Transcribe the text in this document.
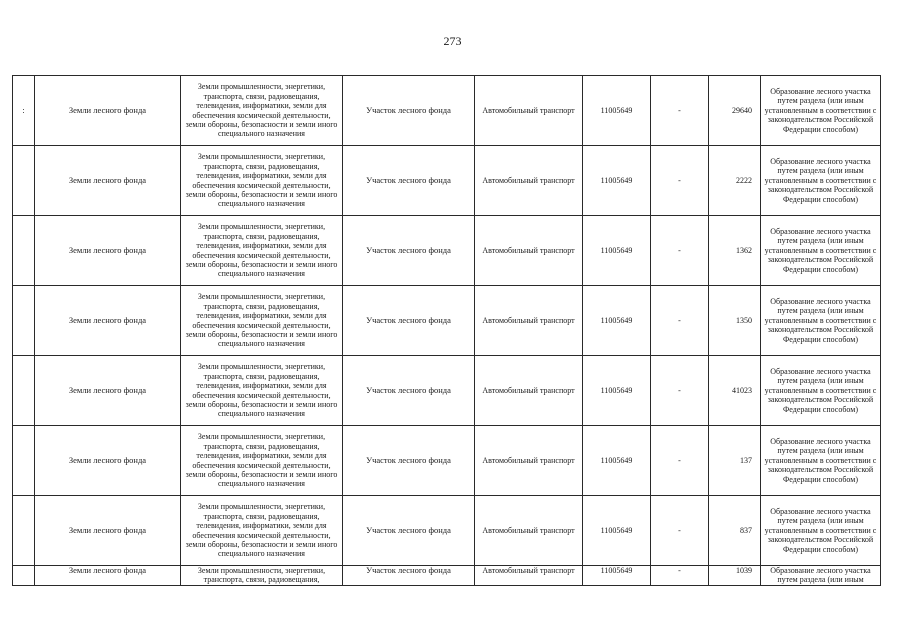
273
:	Земли лесного фонда	Земли промышленности, энергетики, транспорта, связи, радиовещания, телевидения, информатики, земли для обеспечения космической деятельности, земли обороны, безопасности и земли иного специального назначения	Участок лесного фонда	Автомобильный транспорт	11005649	-	29640	Образование лесного участка путем раздела (или иным установленным в соответствии с законодательством Российской Федерации способом)
	Земли лесного фонда	Земли промышленности, энергетики, транспорта, связи, радиовещания, телевидения, информатики, земли для обеспечения космической деятельности, земли обороны, безопасности и земли иного специального назначения	Участок лесного фонда	Автомобильный транспорт	11005649	-	2222	Образование лесного участка путем раздела (или иным установленным в соответствии с законодательством Российской Федерации способом)
	Земли лесного фонда	Земли промышленности, энергетики, транспорта, связи, радиовещания, телевидения, информатики, земли для обеспечения космической деятельности, земли обороны, безопасности и земли иного специального назначения	Участок лесного фонда	Автомобильный транспорт	11005649	-	1362	Образование лесного участка путем раздела (или иным установленным в соответствии с законодательством Российской Федерации способом)
	Земли лесного фонда	Земли промышленности, энергетики, транспорта, связи, радиовещания, телевидения, информатики, земли для обеспечения космической деятельности, земли обороны, безопасности и земли иного специального назначения	Участок лесного фонда	Автомобильный транспорт	11005649	-	1350	Образование лесного участка путем раздела (или иным установленным в соответствии с законодательством Российской Федерации способом)
	Земли лесного фонда	Земли промышленности, энергетики, транспорта, связи, радиовещания, телевидения, информатики, земли для обеспечения космической деятельности, земли обороны, безопасности и земли иного специального назначения	Участок лесного фонда	Автомобильный транспорт	11005649	-	41023	Образование лесного участка путем раздела (или иным установленным в соответствии с законодательством Российской Федерации способом)
	Земли лесного фонда	Земли промышленности, энергетики, транспорта, связи, радиовещания, телевидения, информатики, земли для обеспечения космической деятельности, земли обороны, безопасности и земли иного специального назначения	Участок лесного фонда	Автомобильный транспорт	11005649	-	137	Образование лесного участка путем раздела (или иным установленным в соответствии с законодательством Российской Федерации способом)
	Земли лесного фонда	Земли промышленности, энергетики, транспорта, связи, радиовещания, телевидения, информатики, земли для обеспечения космической деятельности, земли обороны, безопасности и земли иного специального назначения	Участок лесного фонда	Автомобильный транспорт	11005649	-	837	Образование лесного участка путем раздела (или иным установленным в соответствии с законодательством Российской Федерации способом)
	Земли лесного фонда	Земли промышленности, энергетики, транспорта, связи, радиовещания,	Участок лесного фонда	Автомобильный транспорт	11005649	-	1039	Образование лесного участка путем раздела (или иным
